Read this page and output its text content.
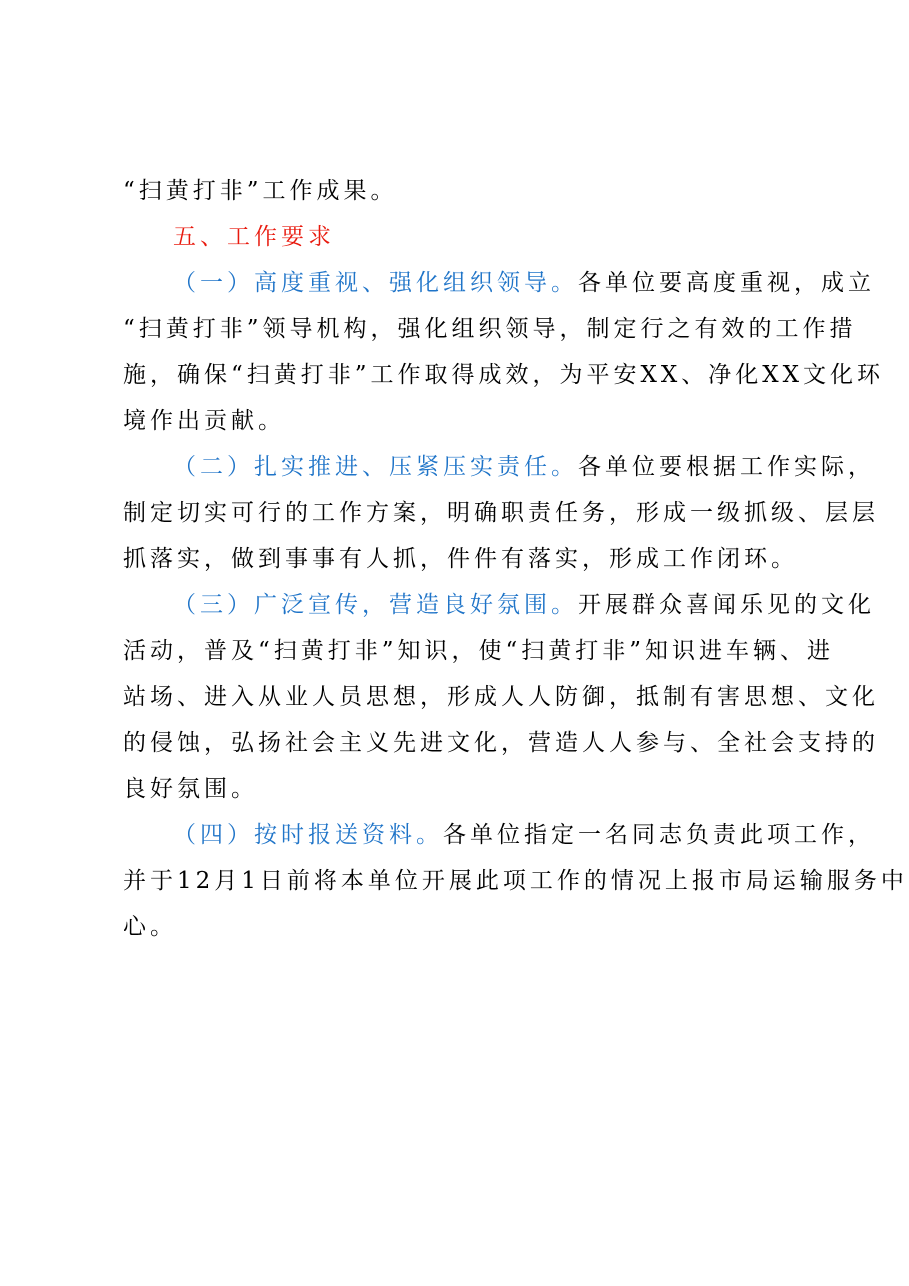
“扫黄打非”工作成果。

五、工作要求

（一）高度重视、强化组织领导。各单位要高度重视，成立
“扫黄打非”领导机构，强化组织领导，制定行之有效的工作措
施，确保“扫黄打非”工作取得成效，为平安XX、净化XX文化环
境作出贡献。

（二）扎实推进、压紧压实责任。各单位要根据工作实际，
制定切实可行的工作方案，明确职责任务，形成一级抓级、层层
抓落实，做到事事有人抓，件件有落实，形成工作闭环。

（三）广泛宣传，营造良好氛围。开展群众喜闻乐见的文化
活动，普及“扫黄打非”知识，使“扫黄打非”知识进车辆、进
站场、进入从业人员思想，形成人人防御，抵制有害思想、文化
的侵蚀，弘扬社会主义先进文化，营造人人参与、全社会支持的
良好氛围。

（四）按时报送资料。各单位指定一名同志负责此项工作，
并于12月1日前将本单位开展此项工作的情况上报市局运输服务中
心。
